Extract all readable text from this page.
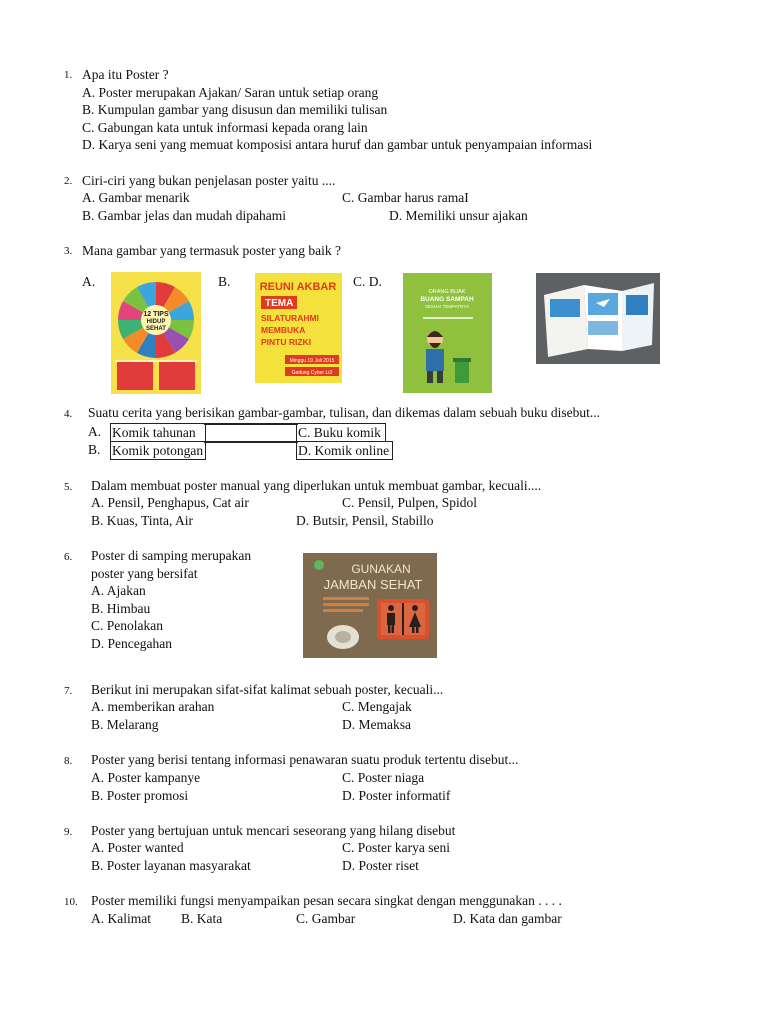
1. Apa itu Poster ?
A. Poster merupakan Ajakan/ Saran untuk setiap orang
B. Kumpulan gambar yang disusun dan memiliki tulisan
C. Gabungan kata untuk informasi kepada orang lain
D. Karya seni yang memuat komposisi antara huruf dan gambar untuk penyampaian informasi
2. Ciri-ciri yang bukan penjelasan poster yaitu ....
A. Gambar menarik	C. Gambar harus ramaI
B. Gambar jelas dan mudah dipahami	D. Memiliki unsur ajakan
3. Mana gambar yang termasuk poster yang baik ?
A.	B.	C. D.
12 TIPS
HIDUP
SEHAT
REUNI AKBAR
TEMA
SILATURAHMI
MEMBUKA
PINTU RIZKI
Minggu 19 Juli 2015
Gedung Cyber Lt2
ORANG BIJAK
BUANG SAMPAH
SESUAI TEMPATNYA
4. Suatu cerita yang berisikan gambar-gambar, tulisan, dan dikemas dalam sebuah buku disebut...
A. Komik tahunan	C. Buku komik
B. Komik potongan	D. Komik online
5. Dalam membuat poster manual yang diperlukan untuk membuat gambar, kecuali....
A. Pensil, Penghapus, Cat air	C. Pensil, Pulpen, Spidol
B. Kuas, Tinta, Air	D. Butsir, Pensil, Stabillo
6. Poster di samping merupakan
poster yang bersifat
A. Ajakan
B. Himbau
C. Penolakan
D. Pencegahan
GUNAKAN
JAMBAN SEHAT
7. Berikut ini merupakan sifat-sifat kalimat sebuah poster, kecuali...
A. memberikan arahan	C. Mengajak
B. Melarang	D. Memaksa
8. Poster yang berisi tentang informasi penawaran suatu produk tertentu disebut...
A. Poster kampanye	C. Poster niaga
B. Poster promosi	D. Poster informatif
9. Poster yang bertujuan untuk mencari seseorang yang hilang disebut
A. Poster wanted	C. Poster karya seni
B. Poster layanan masyarakat	D. Poster riset
10. Poster memiliki fungsi menyampaikan pesan secara singkat dengan menggunakan . . . .
A. Kalimat B. Kata	C. Gambar	D. Kata dan gambar
